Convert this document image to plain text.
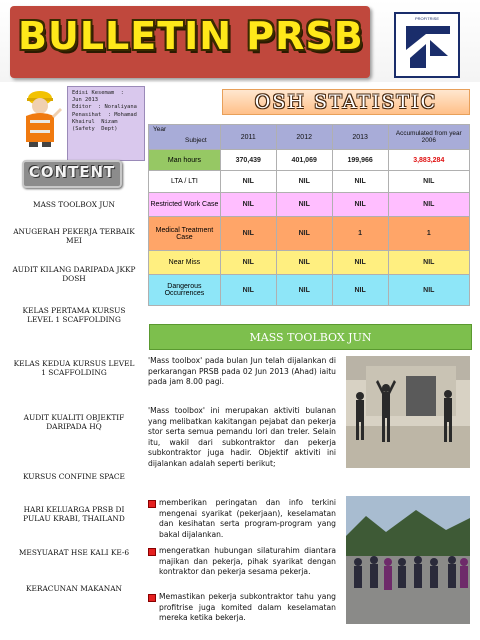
BULLETIN PRSB	PROFITRISE
Edisi Kesemam  :
Jun 2013
Editor  : Noraliyana
Penasihat  : Mohamad
Khairul  Nizam
(Safety  Dept)
OSH STATISTIC
Year
Subject	2011	2012	2013	Accumulated from year 2006
Man hours	370,439	401,069	199,966	3,883,284
LTA / LTI	NIL	NIL	NIL	NIL
Restricted Work Case	NIL	NIL	NIL	NIL
Medical Treatment Case	NIL	NIL	1	1
Near Miss	NIL	NIL	NIL	NIL
Dangerous Occurrences	NIL	NIL	NIL	NIL
CONTENT
MASS TOOLBOX JUN
ANUGERAH PEKERJA TERBAIK MEI
AUDIT KILANG DARIPADA JKKP DOSH
KELAS PERTAMA KURSUS LEVEL 1 SCAFFOLDING
KELAS KEDUA KURSUS LEVEL 1 SCAFFOLDING
AUDIT KUALITI OBJEKTIF DARIPADA HQ
KURSUS CONFINE SPACE
HARI KELUARGA PRSB DI PULAU KRABI, THAILAND
MESYUARAT HSE KALI KE-6
KERACUNAN MAKANAN
MASS TOOLBOX JUN
'Mass toolbox' pada bulan Jun telah dijalankan di perkarangan PRSB pada 02 Jun 2013 (Ahad) iaitu pada jam 8.00 pagi.
'Mass toolbox' ini merupakan aktiviti bulanan yang melibatkan kakitangan pejabat dan pekerja stor serta semua pemandu lori dan treler. Selain itu, wakil dari subkontraktor dan pekerja subkontraktor juga hadir. Objektif aktiviti ini dijalankan adalah seperti berikut;
memberikan peringatan dan info terkini mengenai syarikat (pekerjaan), keselamatan dan kesihatan serta program-program yang bakal dijalankan.
mengeratkan hubungan silaturahim diantara majikan dan pekerja, pihak syarikat dengan kontraktor dan pekerja sesama pekerja.
Memastikan pekerja subkontraktor tahu yang profitrise juga komited dalam keselamatan mereka ketika bekerja.
